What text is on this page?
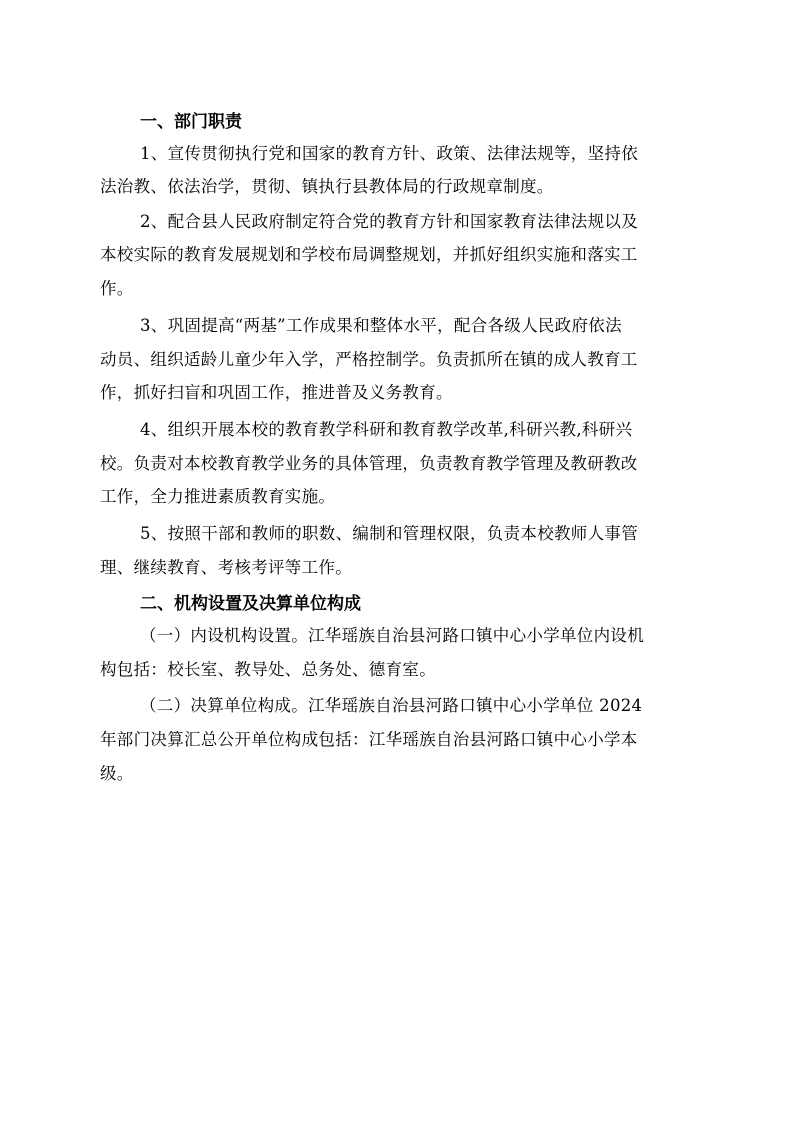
一、部门职责
1、宣传贯彻执行党和国家的教育方针、政策、法律法规等，坚持依
法治教、依法治学，贯彻、镇执行县教体局的行政规章制度。
2、配合县人民政府制定符合党的教育方针和国家教育法律法规以及
本校实际的教育发展规划和学校布局调整规划，并抓好组织实施和落实工
作。
3、巩固提高“两基”工作成果和整体水平，配合各级人民政府依法
动员、组织适龄儿童少年入学，严格控制学。负责抓所在镇的成人教育工
作，抓好扫盲和巩固工作，推进普及义务教育。
4、组织开展本校的教育教学科研和教育教学改革,科研兴教,科研兴
校。负责对本校教育教学业务的具体管理，负责教育教学管理及教研教改
工作，全力推进素质教育实施。
5、按照干部和教师的职数、编制和管理权限，负责本校教师人事管
理、继续教育、考核考评等工作。
二、机构设置及决算单位构成
（一）内设机构设置。江华瑶族自治县河路口镇中心小学单位内设机
构包括：校长室、教导处、总务处、德育室。
（二）决算单位构成。江华瑶族自治县河路口镇中心小学单位 2024
年部门决算汇总公开单位构成包括：江华瑶族自治县河路口镇中心小学本
级。
